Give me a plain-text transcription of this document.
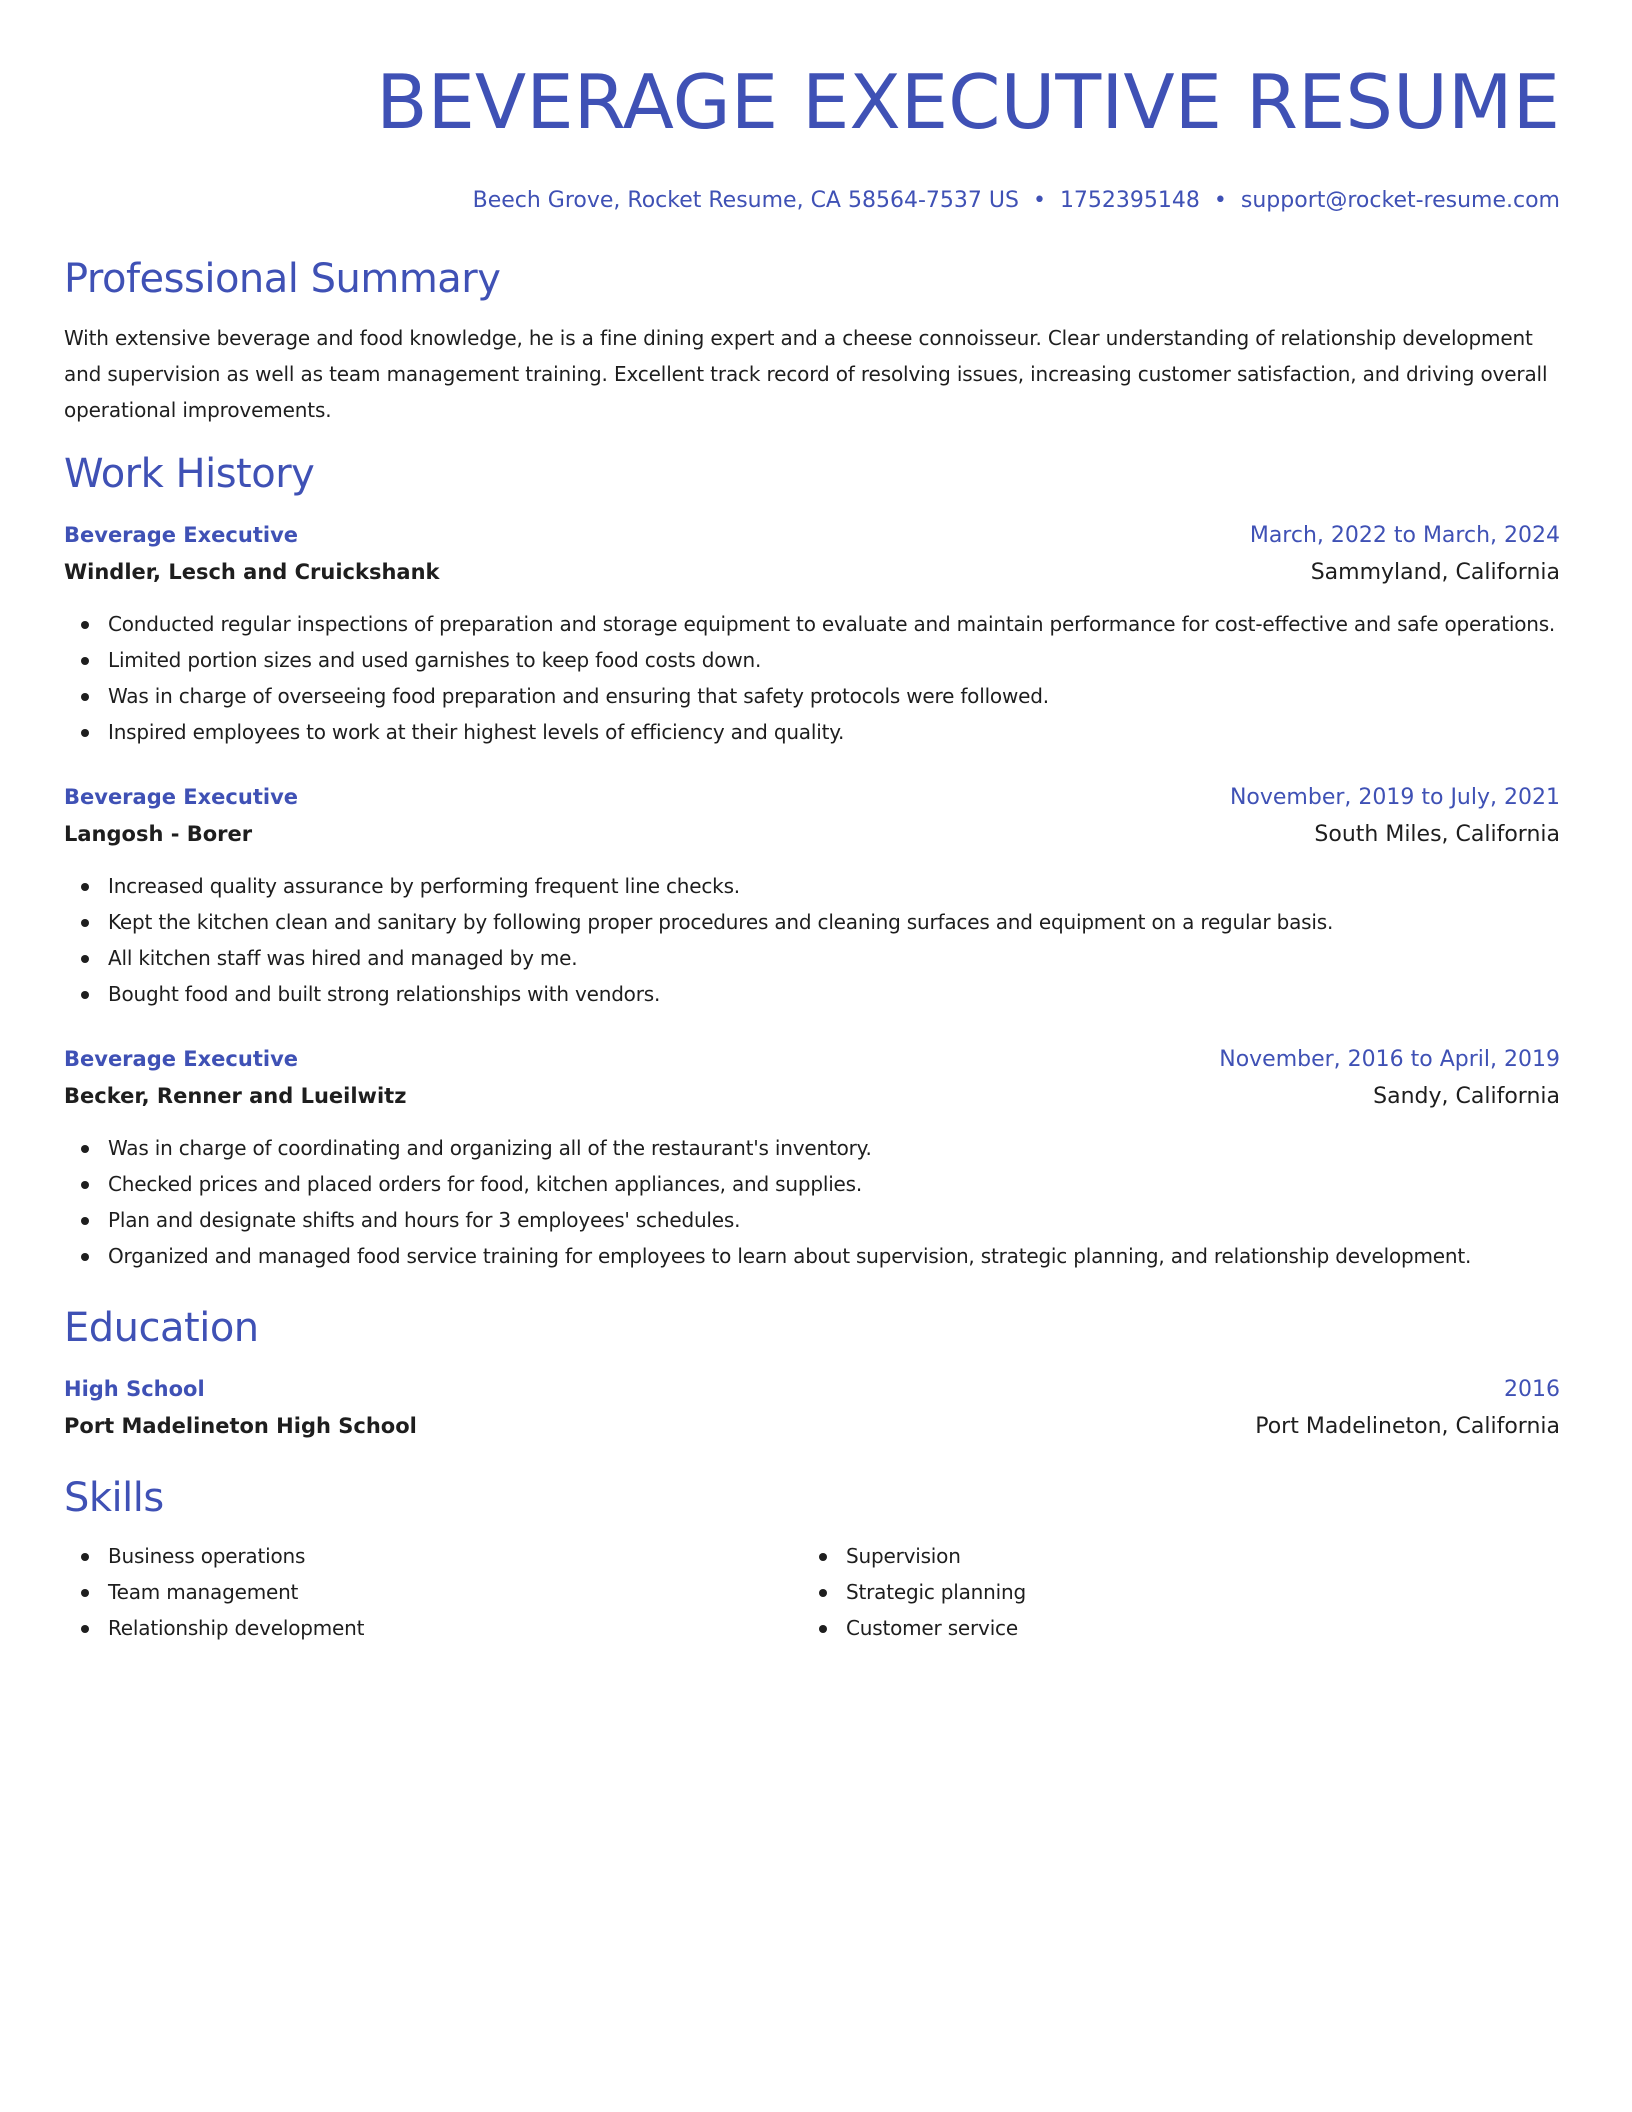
BEVERAGE EXECUTIVE RESUME
Beech Grove, Rocket Resume, CA 58564-7537 US • 1752395148 • support@rocket-resume.com
Professional Summary
With extensive beverage and food knowledge, he is a fine dining expert and a cheese connoisseur. Clear understanding of relationship development and supervision as well as team management training. Excellent track record of resolving issues, increasing customer satisfaction, and driving overall operational improvements.
Work History
Beverage Executive	March, 2022 to March, 2024
Windler, Lesch and Cruickshank	Sammyland, California
Conducted regular inspections of preparation and storage equipment to evaluate and maintain performance for cost-effective and safe operations.
Limited portion sizes and used garnishes to keep food costs down.
Was in charge of overseeing food preparation and ensuring that safety protocols were followed.
Inspired employees to work at their highest levels of efficiency and quality.
Beverage Executive	November, 2019 to July, 2021
Langosh - Borer	South Miles, California
Increased quality assurance by performing frequent line checks.
Kept the kitchen clean and sanitary by following proper procedures and cleaning surfaces and equipment on a regular basis.
All kitchen staff was hired and managed by me.
Bought food and built strong relationships with vendors.
Beverage Executive	November, 2016 to April, 2019
Becker, Renner and Lueilwitz	Sandy, California
Was in charge of coordinating and organizing all of the restaurant's inventory.
Checked prices and placed orders for food, kitchen appliances, and supplies.
Plan and designate shifts and hours for 3 employees' schedules.
Organized and managed food service training for employees to learn about supervision, strategic planning, and relationship development.
Education
High School	2016
Port Madelineton High School	Port Madelineton, California
Skills
Business operations
Team management
Relationship development
Supervision
Strategic planning
Customer service
